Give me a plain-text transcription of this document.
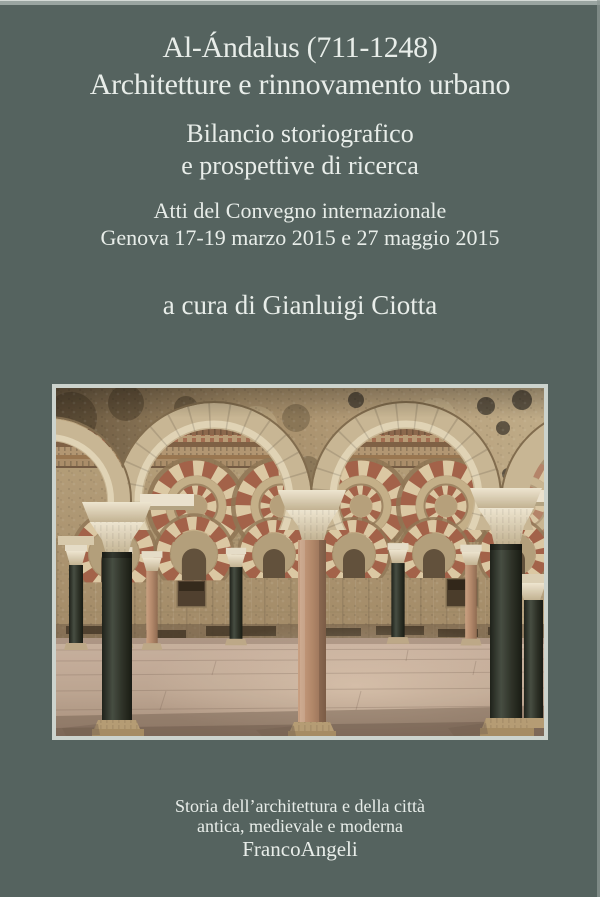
Al-Ándalus (711-1248)
Architetture e rinnovamento urbano
Bilancio storiografico
e prospettive di ricerca
Atti del Convegno internazionale
Genova 17-19 marzo 2015 e 27 maggio 2015
a cura di Gianluigi Ciotta
Storia dell’architettura e della città
antica, medievale e moderna
FrancoAngeli
